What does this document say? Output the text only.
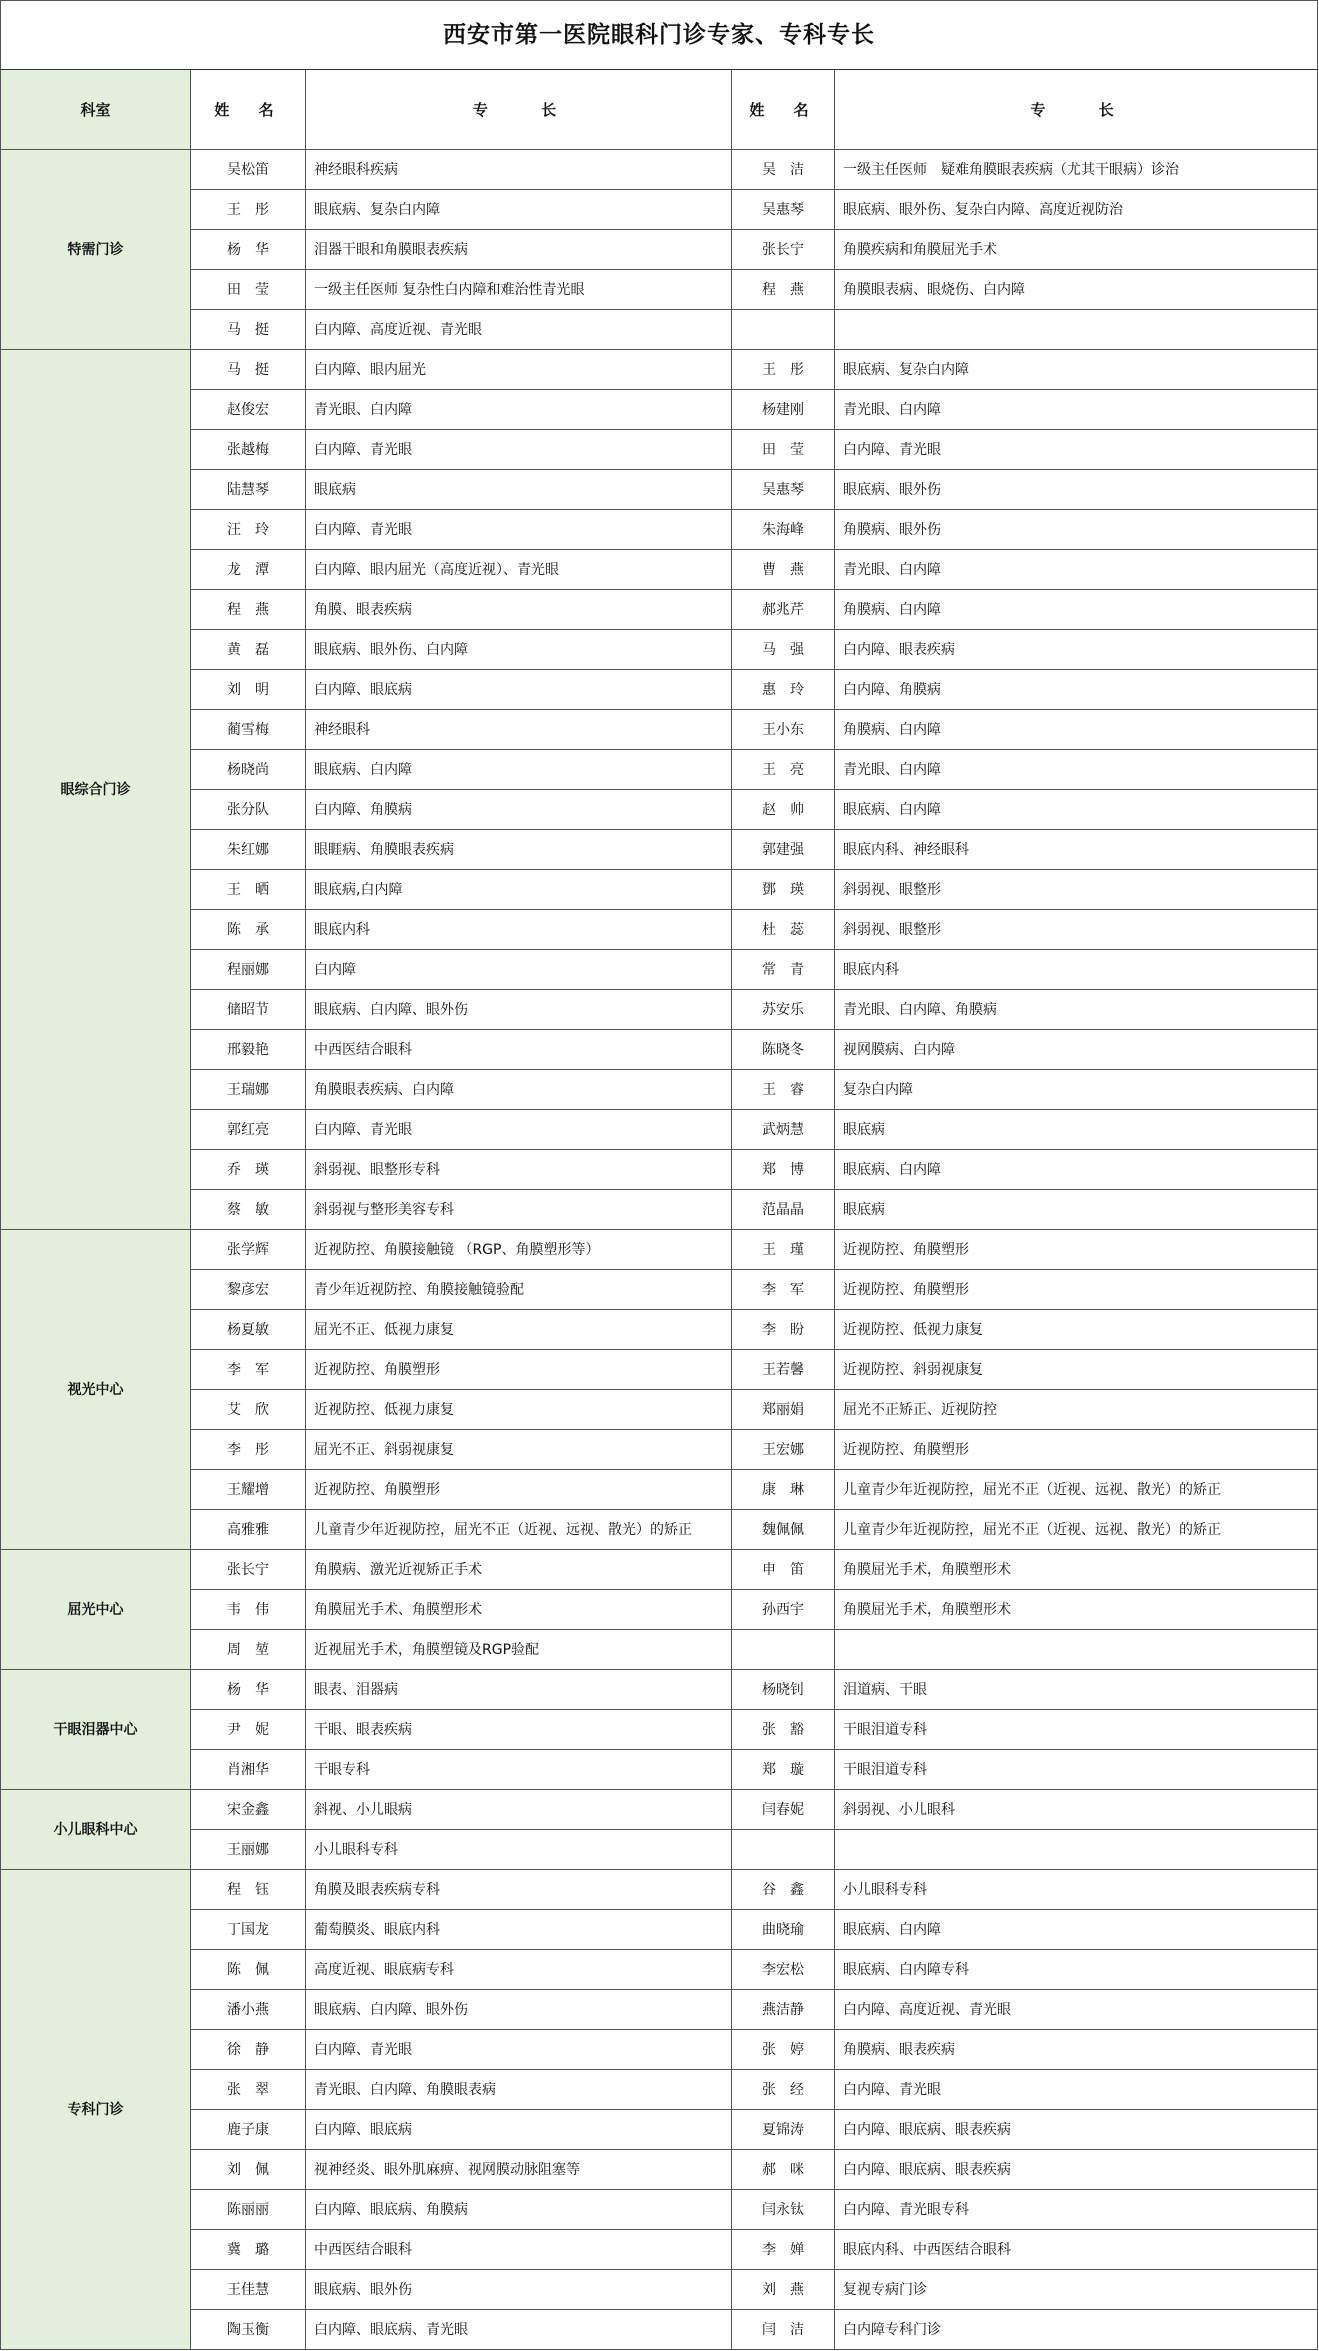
西安市第一医院眼科门诊专家、专科专长				
科室	姓 名	专 长	姓 名	专 长
特需门诊	吴松笛	神经眼科疾病	吴　洁	一级主任医师　疑难角膜眼表疾病（尤其干眼病）诊治
	王　彤	眼底病、复杂白内障	吴惠琴	眼底病、眼外伤、复杂白内障、高度近视防治
	杨　华	泪器干眼和角膜眼表疾病	张长宁	角膜疾病和角膜屈光手术
	田　莹	一级主任医师 复杂性白内障和难治性青光眼	程　燕	角膜眼表病、眼烧伤、白内障
	马　挺	白内障、高度近视、青光眼		
眼综合门诊	马　挺	白内障、眼内屈光	王　彤	眼底病、复杂白内障
	赵俊宏	青光眼、白内障	杨建刚	青光眼、白内障
	张越梅	白内障、青光眼	田　莹	白内障、青光眼
	陆慧琴	眼底病	吴惠琴	眼底病、眼外伤
	汪　玲	白内障、青光眼	朱海峰	角膜病、眼外伤
	龙　潭	白内障、眼内屈光（高度近视）、青光眼	曹　燕	青光眼、白内障
	程　燕	角膜、眼表疾病	郝兆芹	角膜病、白内障
	黄　磊	眼底病、眼外伤、白内障	马　强	白内障、眼表疾病
	刘　明	白内障、眼底病	惠　玲	白内障、角膜病
	蔺雪梅	神经眼科	王小东	角膜病、白内障
	杨晓尚	眼底病、白内障	王　亮	青光眼、白内障
	张分队	白内障、角膜病	赵　帅	眼底病、白内障
	朱红娜	眼睚病、角膜眼表疾病	郭建强	眼底内科、神经眼科
	王　晒	眼底病,白内障	鄧　瑛	斜弱视、眼整形
	陈　承	眼底内科	杜　蕊	斜弱视、眼整形
	程丽娜	白内障	常　青	眼底内科
	储昭节	眼底病、白内障、眼外伤	苏安乐	青光眼、白内障、角膜病
	邢毅艳	中西医结合眼科	陈晓冬	视网膜病、白内障
	王瑞娜	角膜眼表疾病、白内障	王　睿	复杂白内障
	郭红亮	白内障、青光眼	武炳慧	眼底病
	乔　瑛	斜弱视、眼整形专科	郑　博	眼底病、白内障
	蔡　敏	斜弱视与整形美容专科	范晶晶	眼底病
视光中心	张学辉	近视防控、角膜接触镜 （RGP、角膜塑形等）	王　瑾	近视防控、角膜塑形
	黎彦宏	青少年近视防控、角膜接触镜验配	李　军	近视防控、角膜塑形
	杨夏敏	屈光不正、低视力康复	李　盼	近视防控、低视力康复
	李　军	近视防控、角膜塑形	王若馨	近视防控、斜弱视康复
	艾　欣	近视防控、低视力康复	郑丽娟	屈光不正矫正、近视防控
	李　彤	屈光不正、斜弱视康复	王宏娜	近视防控、角膜塑形
	王耀增	近视防控、角膜塑形	康　琳	儿童青少年近视防控，屈光不正（近视、远视、散光）的矫正
	高雅雅	儿童青少年近视防控，屈光不正（近视、远视、散光）的矫正	魏佩佩	儿童青少年近视防控，屈光不正（近视、远视、散光）的矫正
屈光中心	张长宁	角膜病、激光近视矫正手术	申　笛	角膜屈光手术，角膜塑形术
	韦　伟	角膜屈光手术、角膜塑形术	孙西宇	角膜屈光手术，角膜塑形术
	周　堃	近视屈光手术，角膜塑镜及RGP验配		
干眼泪器中心	杨　华	眼表、泪器病	杨晓钊	泪道病、干眼
	尹　妮	干眼、眼表疾病	张　豁	干眼泪道专科
	肖湘华	干眼专科	郑　璇	干眼泪道专科
小儿眼科中心	宋金鑫	斜视、小儿眼病	闫春妮	斜弱视、小儿眼科
	王丽娜	小儿眼科专科		
专科门诊	程　钰	角膜及眼表疾病专科	谷　鑫	小儿眼科专科
	丁国龙	葡萄膜炎、眼底内科	曲晓瑜	眼底病、白内障
	陈　佩	高度近视、眼底病专科	李宏松	眼底病、白内障专科
	潘小燕	眼底病、白内障、眼外伤	燕洁静	白内障、高度近视、青光眼
	徐　静	白内障、青光眼	张　婷	角膜病、眼表疾病
	张　翠	青光眼、白内障、角膜眼表病	张　经	白内障、青光眼
	鹿子康	白内障、眼底病	夏锦涛	白内障、眼底病、眼表疾病
	刘　佩	视神经炎、眼外肌麻痹、视网膜动脉阻塞等	郝　咪	白内障、眼底病、眼表疾病
	陈丽丽	白内障、眼底病、角膜病	闫永钛	白内障、青光眼专科
	冀　璐	中西医结合眼科	李　婵	眼底内科、中西医结合眼科
	王佳慧	眼底病、眼外伤	刘　燕	复视专病门诊
	陶玉衡	白内障、眼底病、青光眼	闫　洁	白内障专科门诊
